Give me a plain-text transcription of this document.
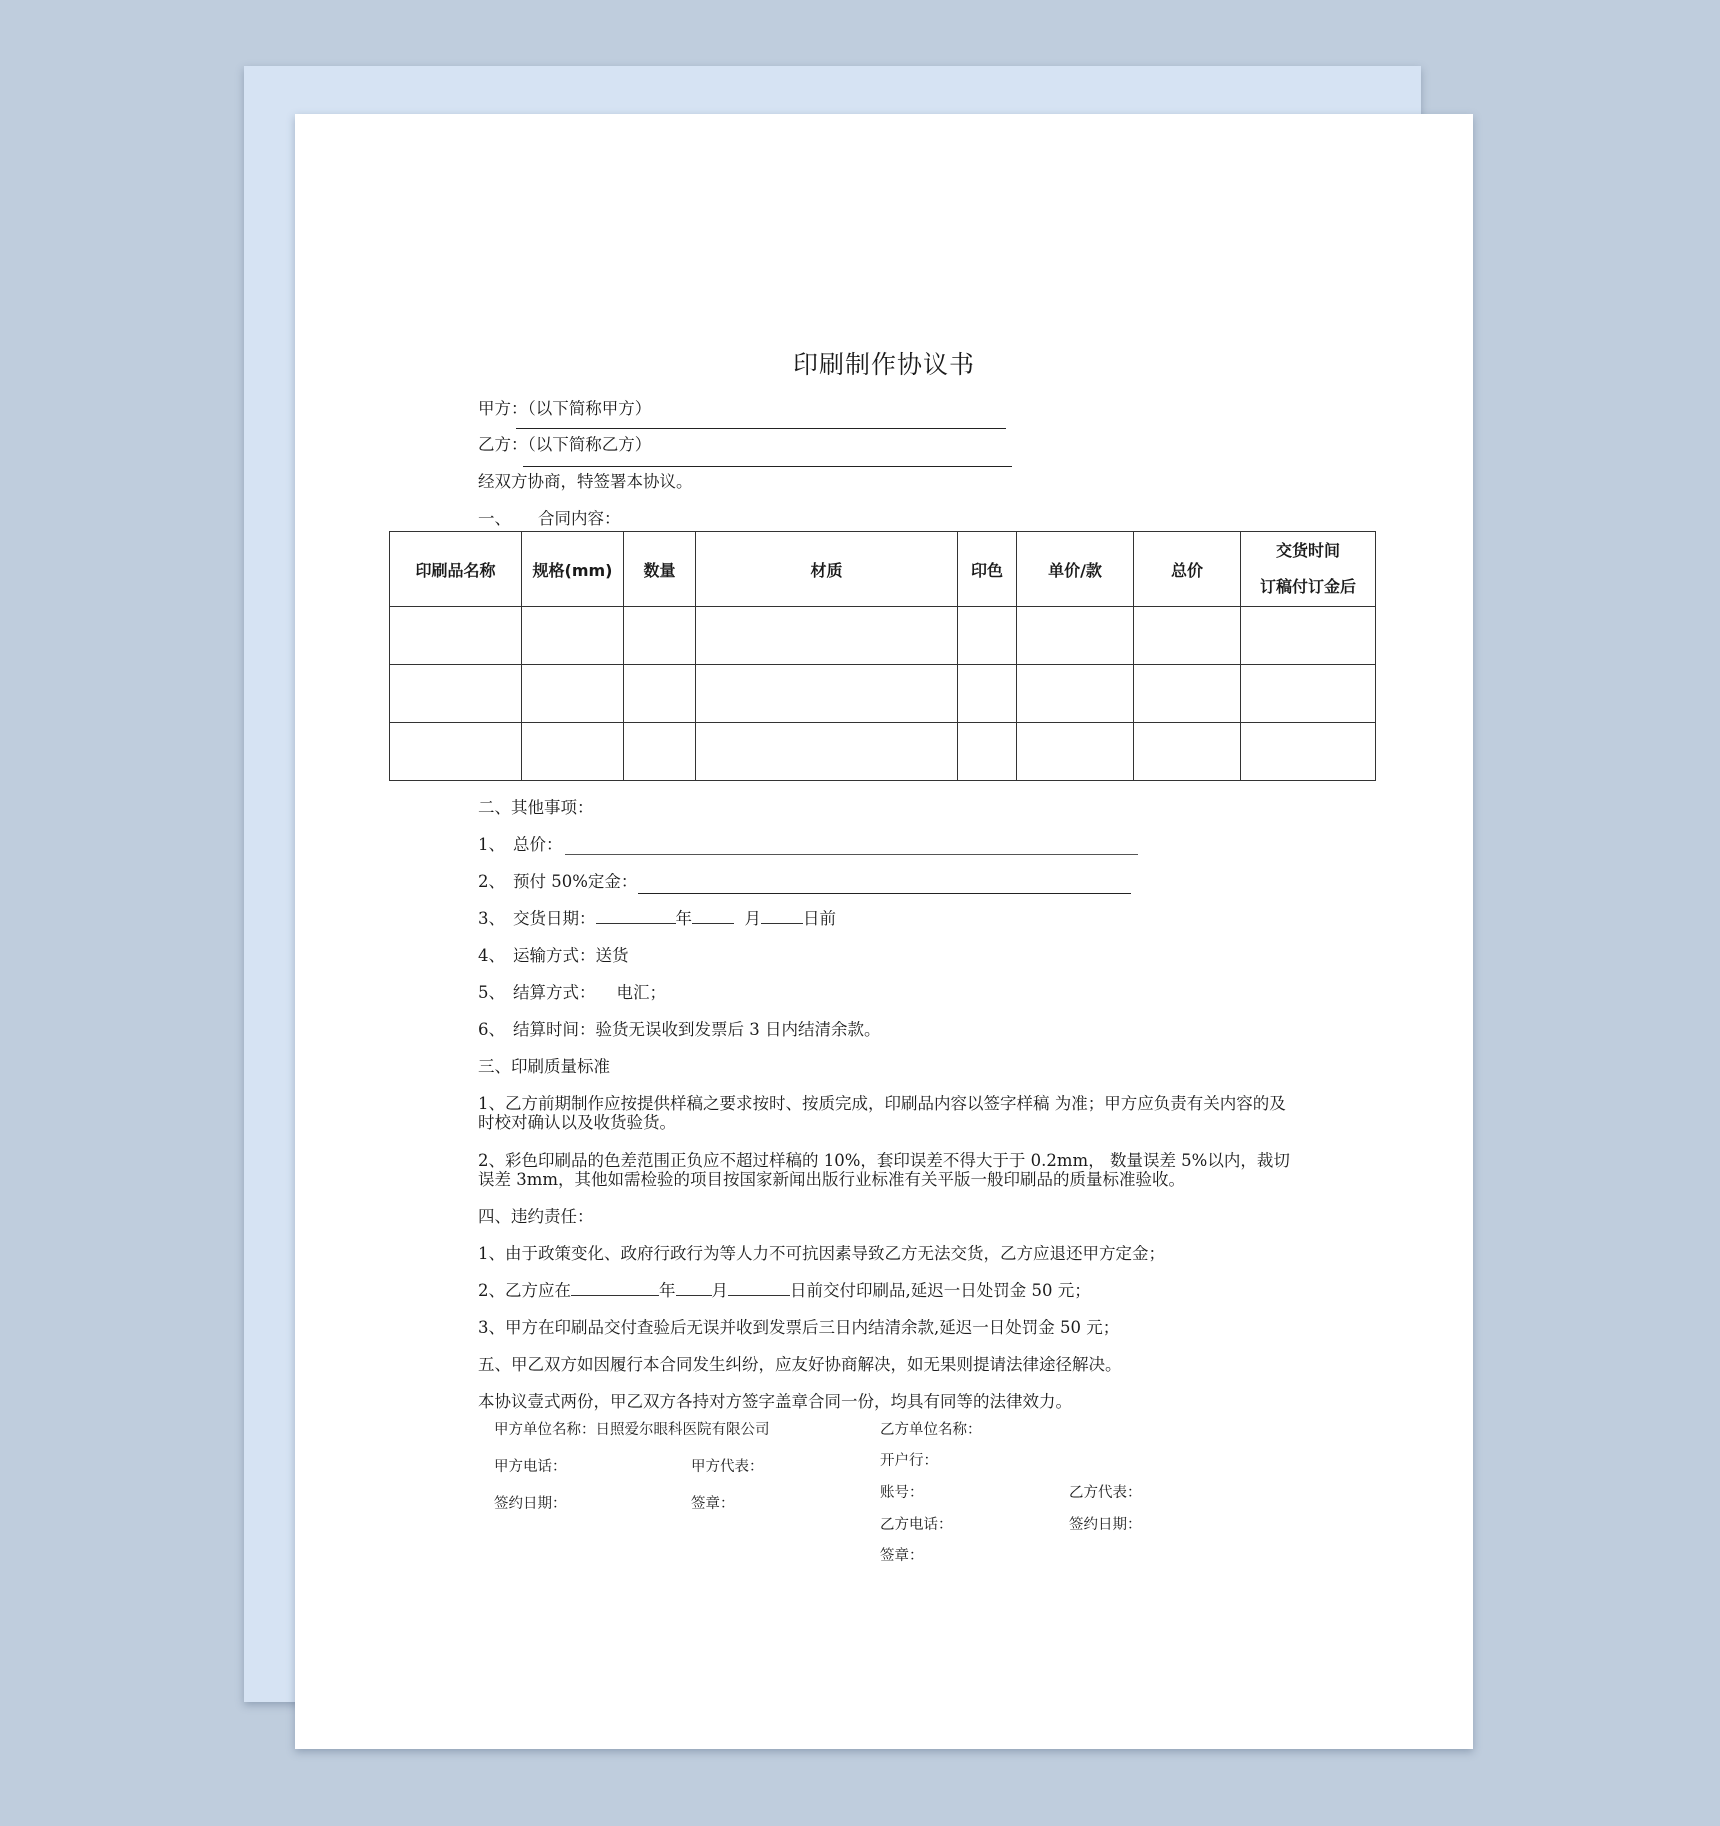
印刷制作协议书
甲方：（以下简称甲方）
乙方：（以下简称乙方）
经双方协商，特签署本协议。
一、 合同内容：
印刷品名称	规格(mm)	数量	材质	印色	单价/款	总价	交货时间
订稿付订金后

二、其他事项：
1、 总价：
2、 预付 50%定金：
3、 交货日期：	年	月	日前
4、 运输方式：送货
5、 结算方式：    电汇；
6、 结算时间：验货无误收到发票后 3 日内结清余款。
三、印刷质量标准
1、乙方前期制作应按提供样稿之要求按时、按质完成，印刷品内容以签字样稿 为准；甲方应负责有关内容的及时校对确认以及收货验货。
2、彩色印刷品的色差范围正负应不超过样稿的 10%，套印误差不得大于于 0.2mm， 数量误差 5%以内，裁切误差 3mm，其他如需检验的项目按国家新闻出版行业标准有关平版一般印刷品的质量标准验收。
四、违约责任：
1、由于政策变化、政府行政行为等人力不可抗因素导致乙方无法交货，乙方应退还甲方定金；
2、乙方应在	年 月	日前交付印刷品,延迟一日处罚金 50 元；
3、甲方在印刷品交付查验后无误并收到发票后三日内结清余款,延迟一日处罚金 50 元；
五、甲乙双方如因履行本合同发生纠纷，应友好协商解决，如无果则提请法律途径解决。
本协议壹式两份，甲乙双方各持对方签字盖章合同一份，均具有同等的法律效力。
甲方单位名称：日照爱尔眼科医院有限公司
甲方电话：	甲方代表：
签约日期：	签章：
乙方单位名称：
开户行：
账号：	乙方代表：
乙方电话：	签约日期：
签章：
